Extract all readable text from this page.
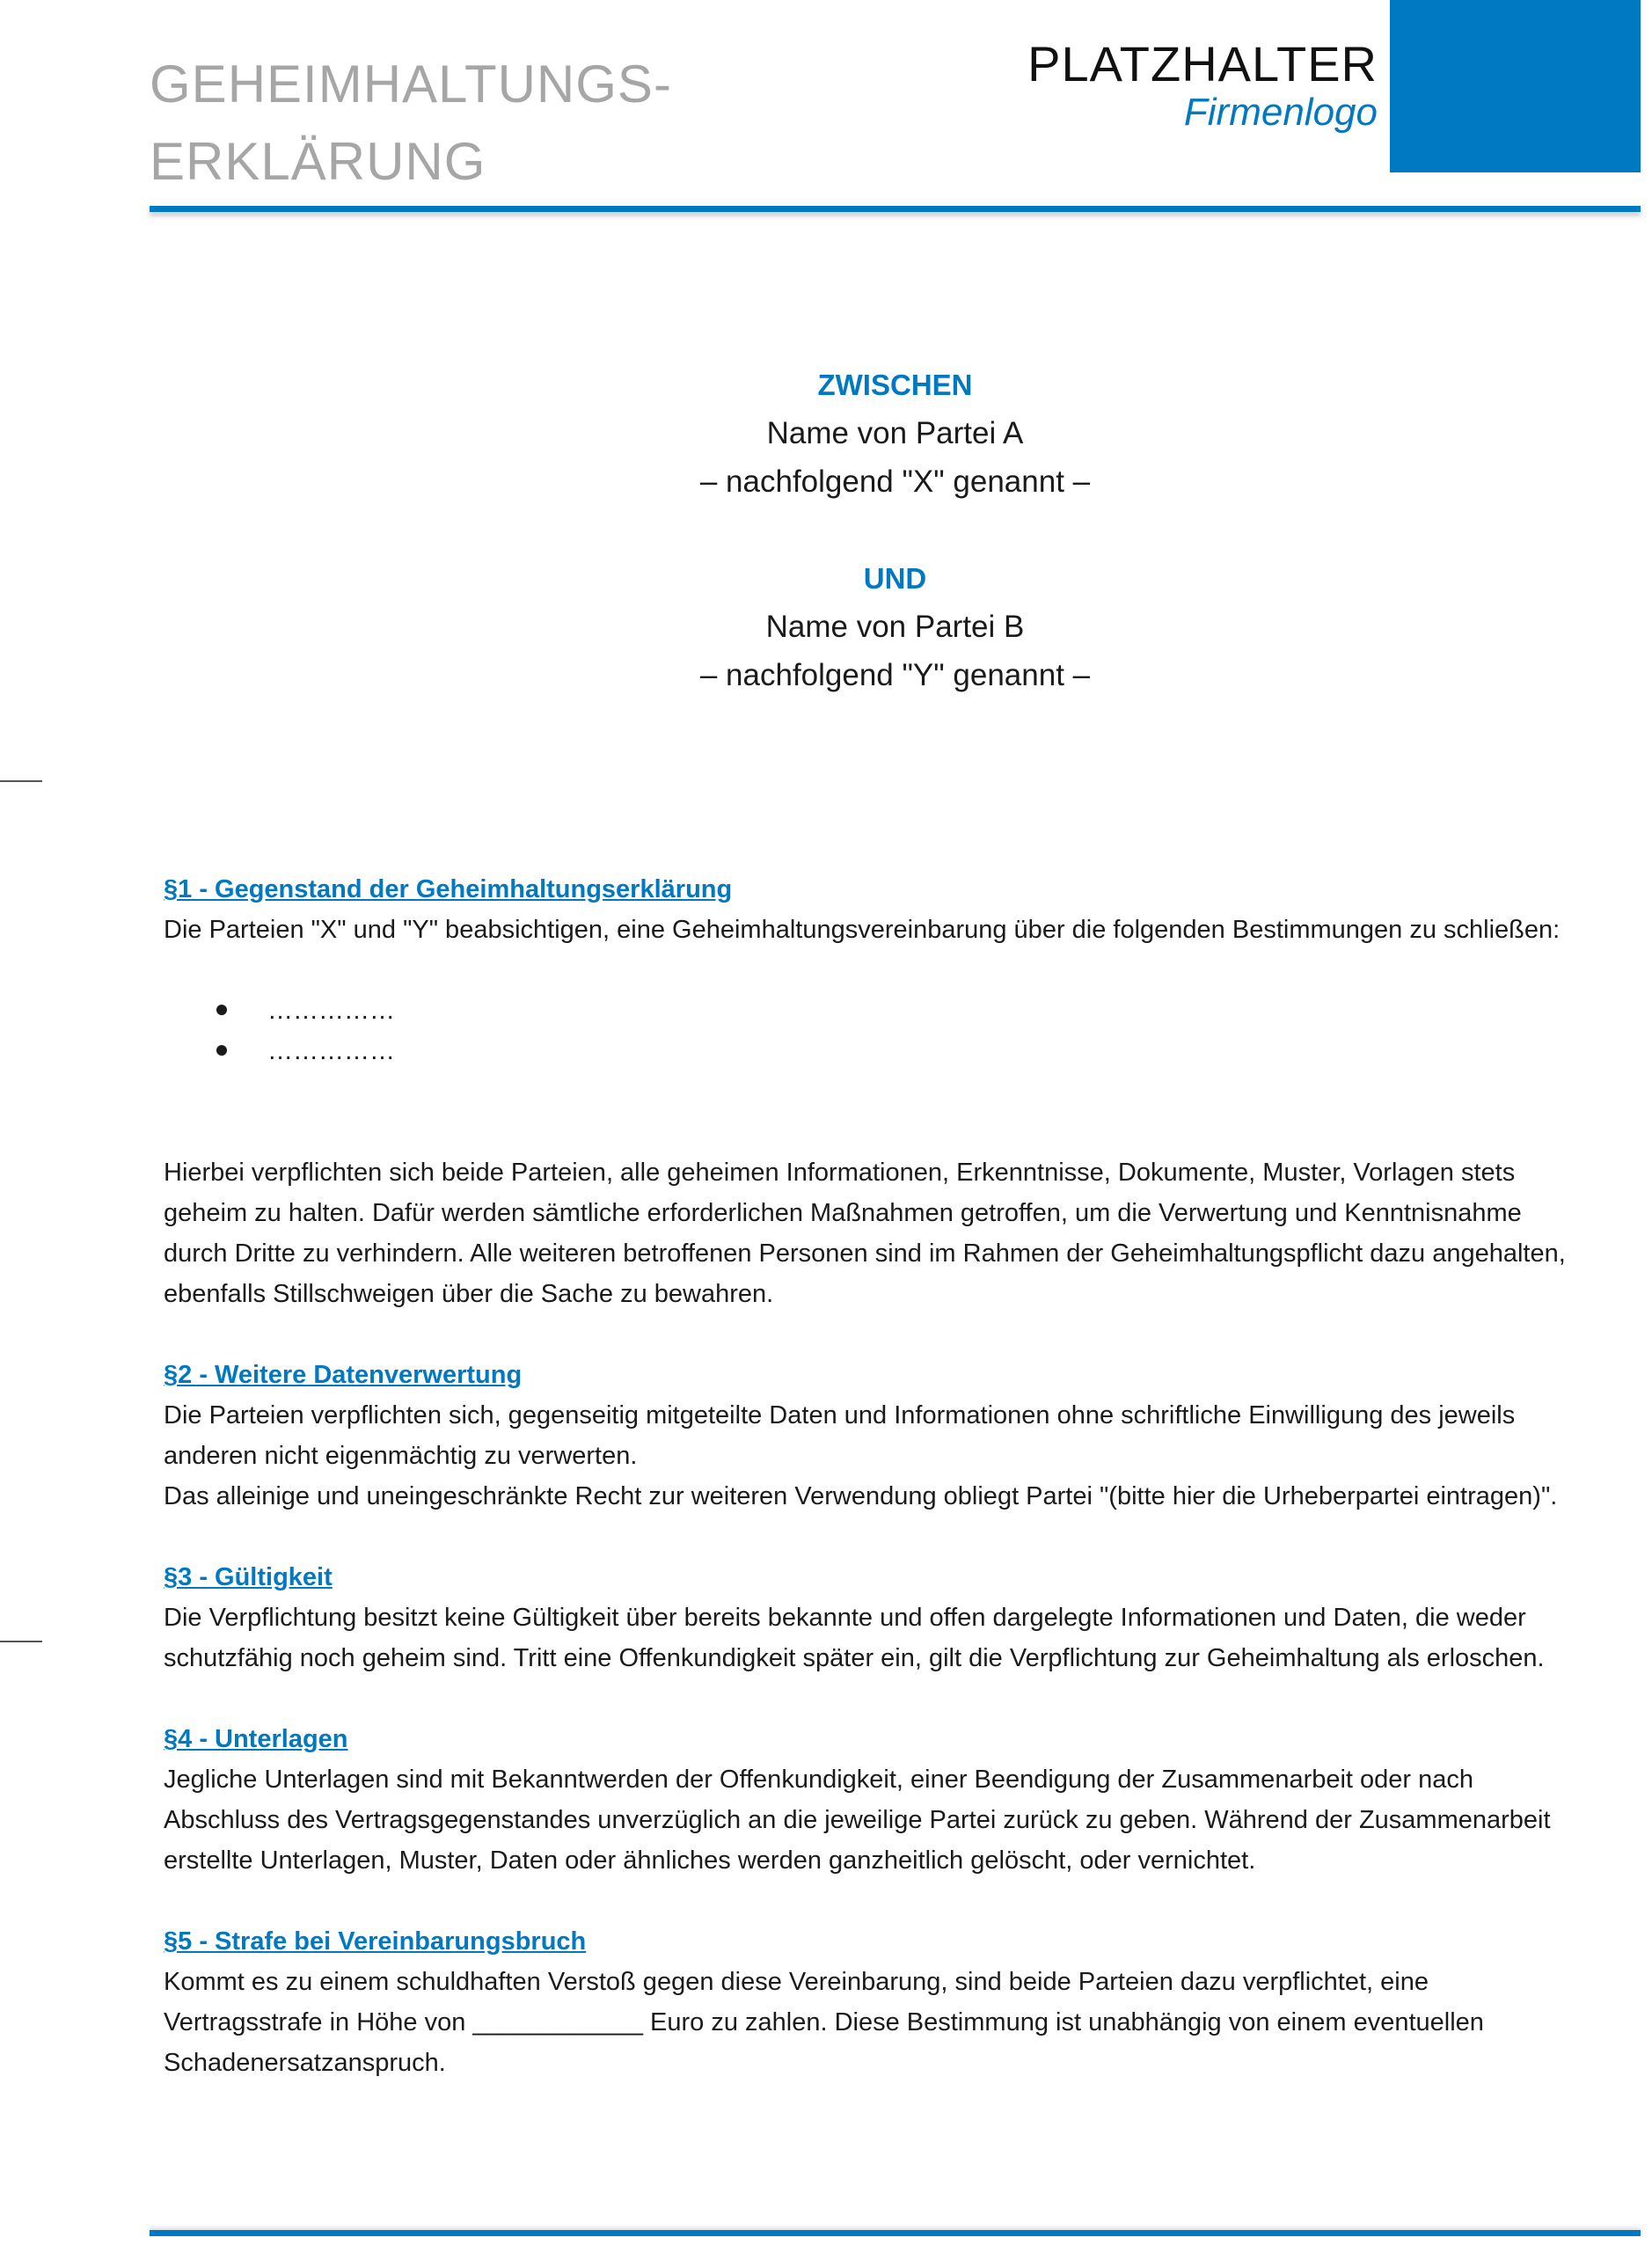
GEHEIMHALTUNGS-
ERKLÄRUNG
PLATZHALTER
Firmenlogo
ZWISCHEN
Name von Partei A
– nachfolgend "X" genannt –
UND
Name von Partei B
– nachfolgend "Y" genannt –

§1 - Gegenstand der Geheimhaltungserklärung

Die Parteien "X" und "Y" beabsichtigen, eine Geheimhaltungsvereinbarung über die folgenden Bestimmungen zu schließen:

……………
……………

Hierbei verpflichten sich beide Parteien, alle geheimen Informationen, Erkenntnisse, Dokumente, Muster, Vorlagen stets

geheim zu halten. Dafür werden sämtliche erforderlichen Maßnahmen getroffen, um die Verwertung und Kenntnisnahme

durch Dritte zu verhindern. Alle weiteren betroffenen Personen sind im Rahmen der Geheimhaltungspflicht dazu angehalten,

ebenfalls Stillschweigen über die Sache zu bewahren.

§2 - Weitere Datenverwertung

Die Parteien verpflichten sich, gegenseitig mitgeteilte Daten und Informationen ohne schriftliche Einwilligung des jeweils

anderen nicht eigenmächtig zu verwerten.

Das alleinige und uneingeschränkte Recht zur weiteren Verwendung obliegt Partei "(bitte hier die Urheberpartei eintragen)".

§3 - Gültigkeit

Die Verpflichtung besitzt keine Gültigkeit über bereits bekannte und offen dargelegte Informationen und Daten, die weder

schutzfähig noch geheim sind. Tritt eine Offenkundigkeit später ein, gilt die Verpflichtung zur Geheimhaltung als erloschen.

§4 - Unterlagen

Jegliche Unterlagen sind mit Bekanntwerden der Offenkundigkeit, einer Beendigung der Zusammenarbeit oder nach

Abschluss des Vertragsgegenstandes unverzüglich an die jeweilige Partei zurück zu geben. Während der Zusammenarbeit

erstellte Unterlagen, Muster, Daten oder ähnliches werden ganzheitlich gelöscht, oder vernichtet.

§5 - Strafe bei Vereinbarungsbruch

Kommt es zu einem schuldhaften Verstoß gegen diese Vereinbarung, sind beide Parteien dazu verpflichtet, eine

Vertragsstrafe in Höhe von ____________ Euro zu zahlen. Diese Bestimmung ist unabhängig von einem eventuellen

Schadenersatzanspruch.
